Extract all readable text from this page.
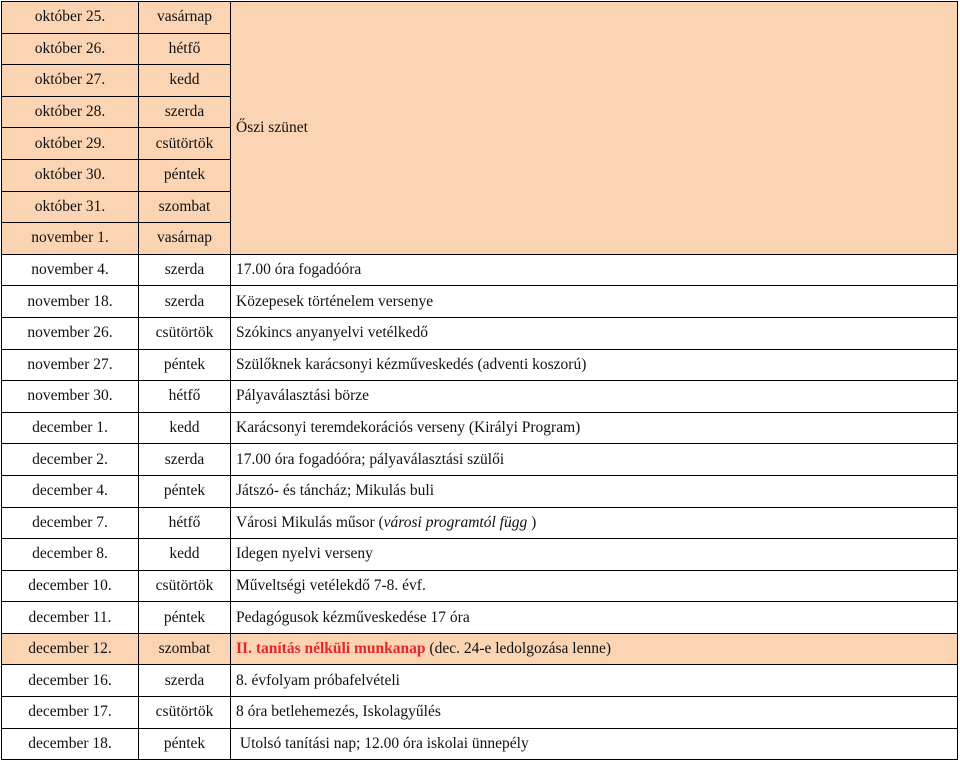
október 25.	vasárnap	Őszi szünet
október 26.	hétfő	
október 27.	kedd	
október 28.	szerda	
október 29.	csütörtök	
október 30.	péntek	
október 31.	szombat	
november 1.	vasárnap	
november 4.	szerda	17.00 óra fogadóóra
november 18.	szerda	Közepesek történelem versenye
november 26.	csütörtök	Szókincs anyanyelvi vetélkedő
november 27.	péntek	Szülőknek karácsonyi kézműveskedés (adventi koszorú)
november 30.	hétfő	Pályaválasztási börze
december 1.	kedd	Karácsonyi teremdekorációs verseny (Királyi Program)
december 2.	szerda	17.00 óra fogadóóra; pályaválasztási szülői
december 4.	péntek	Játszó- és táncház; Mikulás buli
december 7.	hétfő	Városi Mikulás műsor (városi programtól függ )
december 8.	kedd	Idegen nyelvi verseny
december 10.	csütörtök	Műveltségi vetélekdő 7-8. évf.
december 11.	péntek	Pedagógusok kézműveskedése 17 óra
december 12.	szombat	II. tanítás nélküli munkanap (dec. 24-e ledolgozása lenne)
december 16.	szerda	8. évfolyam próbafelvételi
december 17.	csütörtök	8 óra betlehemezés, Iskolagyűlés
december 18.	péntek	Utolsó tanítási nap; 12.00 óra iskolai ünnepély
